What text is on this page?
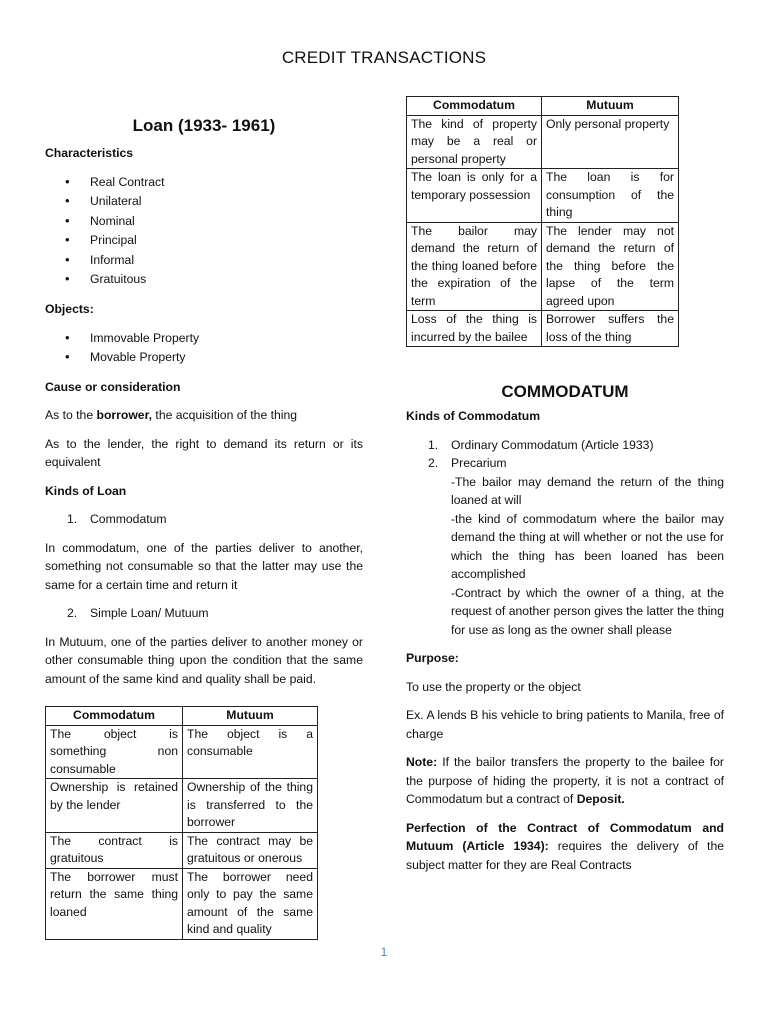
CREDIT TRANSACTIONS
Loan (1933- 1961)
Characteristics
• Real Contract
• Unilateral
• Nominal
• Principal
• Informal
• Gratuitous
Objects:
• Immovable Property
• Movable Property
Cause or consideration

As to the borrower, the acquisition of the thing

As to the lender, the right to demand its return or its equivalent

Kinds of Loan
1. Commodatum

In commodatum, one of the parties deliver to another, something not consumable so that the latter may use the same for a certain time and return it

2. Simple Loan/ Mutuum

In Mutuum, one of the parties deliver to another money or other consumable thing upon the condition that the same amount of the same kind and quality shall be paid.

Commodatum	Mutuum
The object is something non consumable	The object is a consumable
Ownership is retained by the lender	Ownership of the thing is transferred to the borrower
The contract is gratuitous	The contract may be gratuitous or onerous
The borrower must return the same thing loaned	The borrower need only to pay the same amount of the same kind and quality
Commodatum	Mutuum
The kind of property may be a real or personal property	Only personal property
The loan is only for a temporary possession	The loan is for consumption of the thing
The bailor may demand the return of the thing loaned before the expiration of the term	The lender may not demand the return of the thing before the lapse of the term agreed upon
Loss of the thing is incurred by the bailee	Borrower suffers the loss of the thing
COMMODATUM
Kinds of Commodatum
1. Ordinary Commodatum (Article 1933)
2. Precarium

-The bailor may demand the return of the thing loaned at will

-the kind of commodatum where the bailor may demand the thing at will whether or not the use for which the thing has been loaned has been accomplished

-Contract by which the owner of a thing, at the request of another person gives the latter the thing for use as long as the owner shall please

Purpose:

To use the property or the object

Ex. A lends B his vehicle to bring patients to Manila, free of charge

Note: If the bailor transfers the property to the bailee for the purpose of hiding the property, it is not a contract of Commodatum but a contract of Deposit.

Perfection of the Contract of Commodatum and Mutuum (Article 1934): requires the delivery of the subject matter for they are Real Contracts

1
